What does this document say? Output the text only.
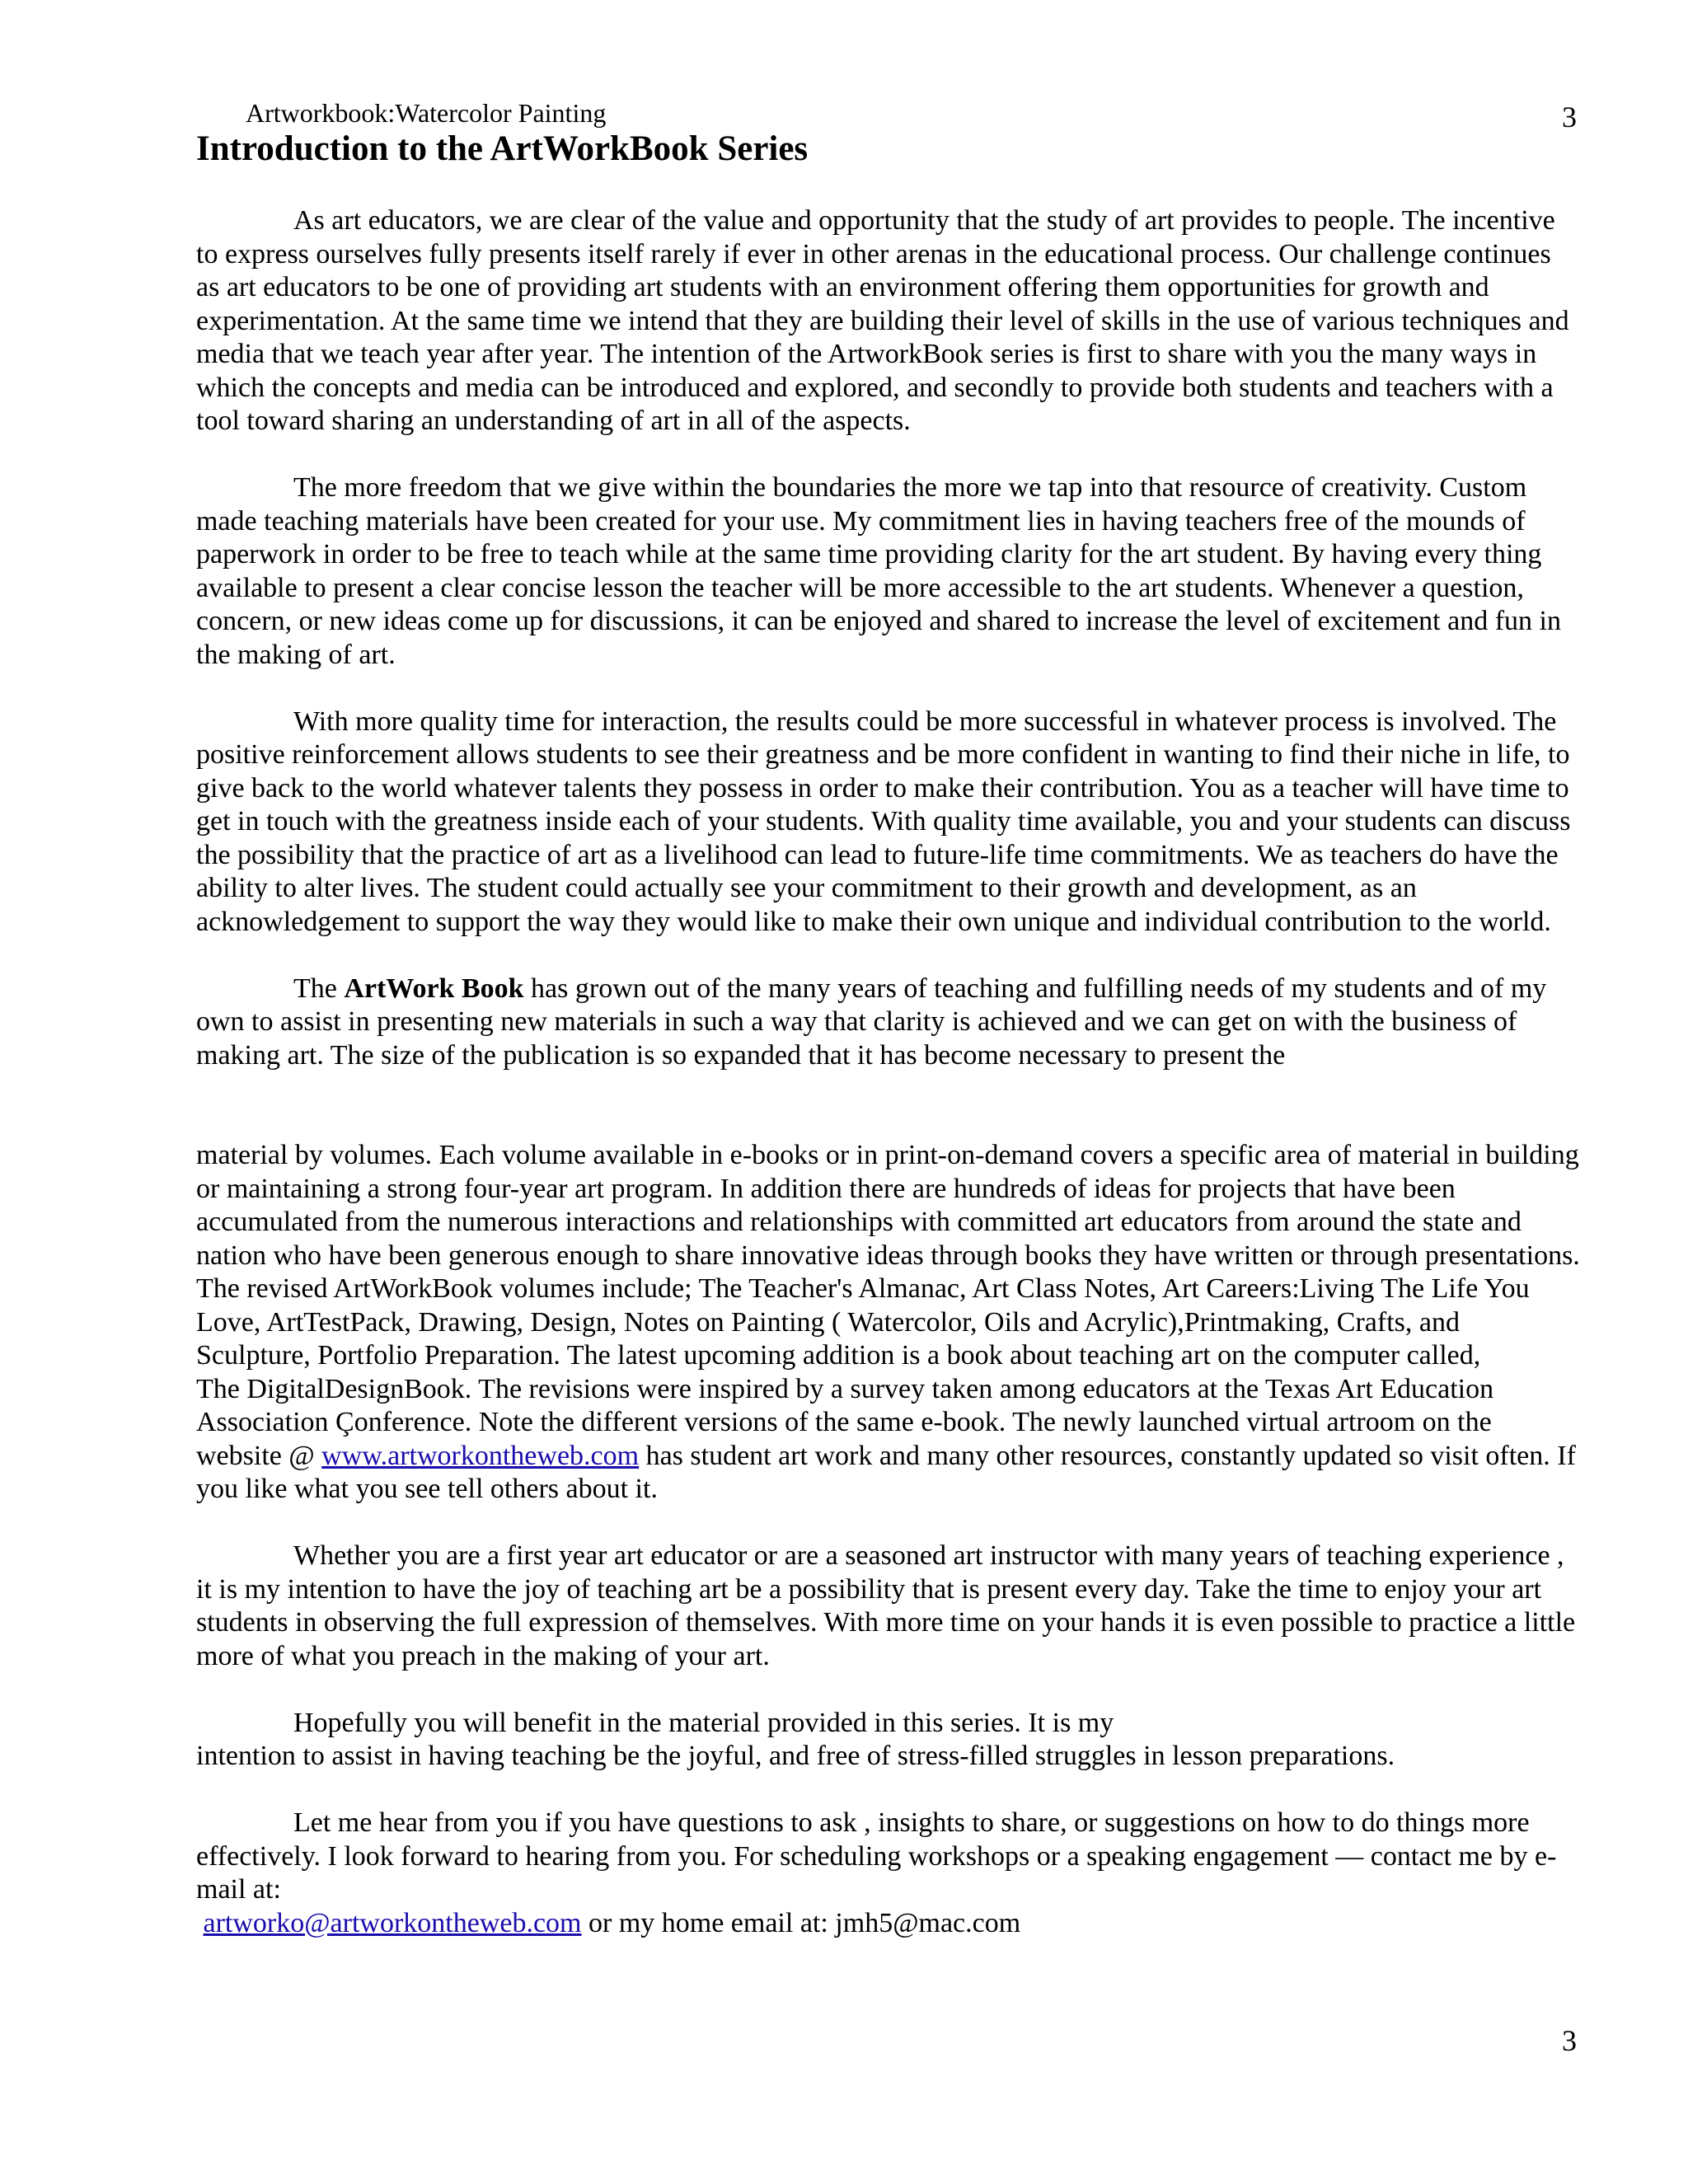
Artworkbook:Watercolor Painting	3
Introduction to the ArtWorkBook Series

As art educators, we are clear of the value and opportunity that the study of art provides to people. The incentive to express ourselves fully presents itself rarely if ever in other arenas in the educational process. Our challenge continues as art educators to be one of providing art students with an environment offering them opportunities for growth and experimentation. At the same time we intend that they are building their level of skills in the use of various techniques and media that we teach year after year. The intention of the ArtworkBook series is first to share with you the many ways in which the concepts and media can be introduced and explored, and secondly to provide both students and teachers with a tool toward sharing an understanding of art in all of the aspects.

The more freedom that we give within the boundaries the more we tap into that resource of creativity. Custom made teaching materials have been created for your use. My commitment lies in having teachers free of the mounds of paperwork in order to be free to teach while at the same time providing clarity for the art student. By having every thing available to present a clear concise lesson the teacher will be more accessible to the art students. Whenever a question, concern, or new ideas come up for discussions, it can be enjoyed and shared to increase the level of excitement and fun in the making of art.

With more quality time for interaction, the results could be more successful in whatever process is involved. The positive reinforcement allows students to see their greatness and be more confident in wanting to find their niche in life, to give back to the world whatever talents they possess in order to make their contribution. You as a teacher will have time to get in touch with the greatness inside each of your students. With quality time available, you and your students can discuss the possibility that the practice of art as a livelihood can lead to future-life time commitments. We as teachers do have the ability to alter lives. The student could actually see your commitment to their growth and development, as an acknowledgement to support the way they would like to make their own unique and individual contribution to the world.

The ArtWork Book has grown out of the many years of teaching and fulfilling needs of my students and of my own to assist in presenting new materials in such a way that clarity is achieved and we can get on with the business of making art. The size of the publication is so expanded that it has become necessary to present the

material by volumes. Each volume available in e-books or in print-on-demand covers a specific area of material in building or maintaining a strong four-year art program. In addition there are hundreds of ideas for projects that have been accumulated from the numerous interactions and relationships with committed art educators from around the state and nation who have been generous enough to share innovative ideas through books they have written or through presentations. The revised ArtWorkBook volumes include; The Teacher's Almanac, Art Class Notes, Art Careers:Living The Life You Love, ArtTestPack, Drawing, Design, Notes on Painting ( Watercolor, Oils and Acrylic),Printmaking, Crafts, and Sculpture, Portfolio Preparation. The latest upcoming addition is a book about teaching art on the computer called,

The DigitalDesignBook. The revisions were inspired by a survey taken among educators at the Texas Art Education Association Çonference. Note the different versions of the same e-book. The newly launched virtual artroom on the website @ www.artworkontheweb.com has student art work and many other resources, constantly updated so visit often. If you like what you see tell others about it.

Whether you are a first year art educator or are a seasoned art instructor with many years of teaching experience , it is my intention to have the joy of teaching art be a possibility that is present every day. Take the time to enjoy your art students in observing the full expression of themselves. With more time on your hands it is even possible to practice a little more of what you preach in the making of your art.

Hopefully you will benefit in the material provided in this series. It is my

intention to assist in having teaching be the joyful, and free of stress-filled struggles in lesson preparations.

Let me hear from you if you have questions to ask , insights to share, or suggestions on how to do things more effectively. I look forward to hearing from you. For scheduling workshops or a speaking engagement — contact me by e-mail at:

artworko@artworkontheweb.com or my home email at: jmh5@mac.com

3
